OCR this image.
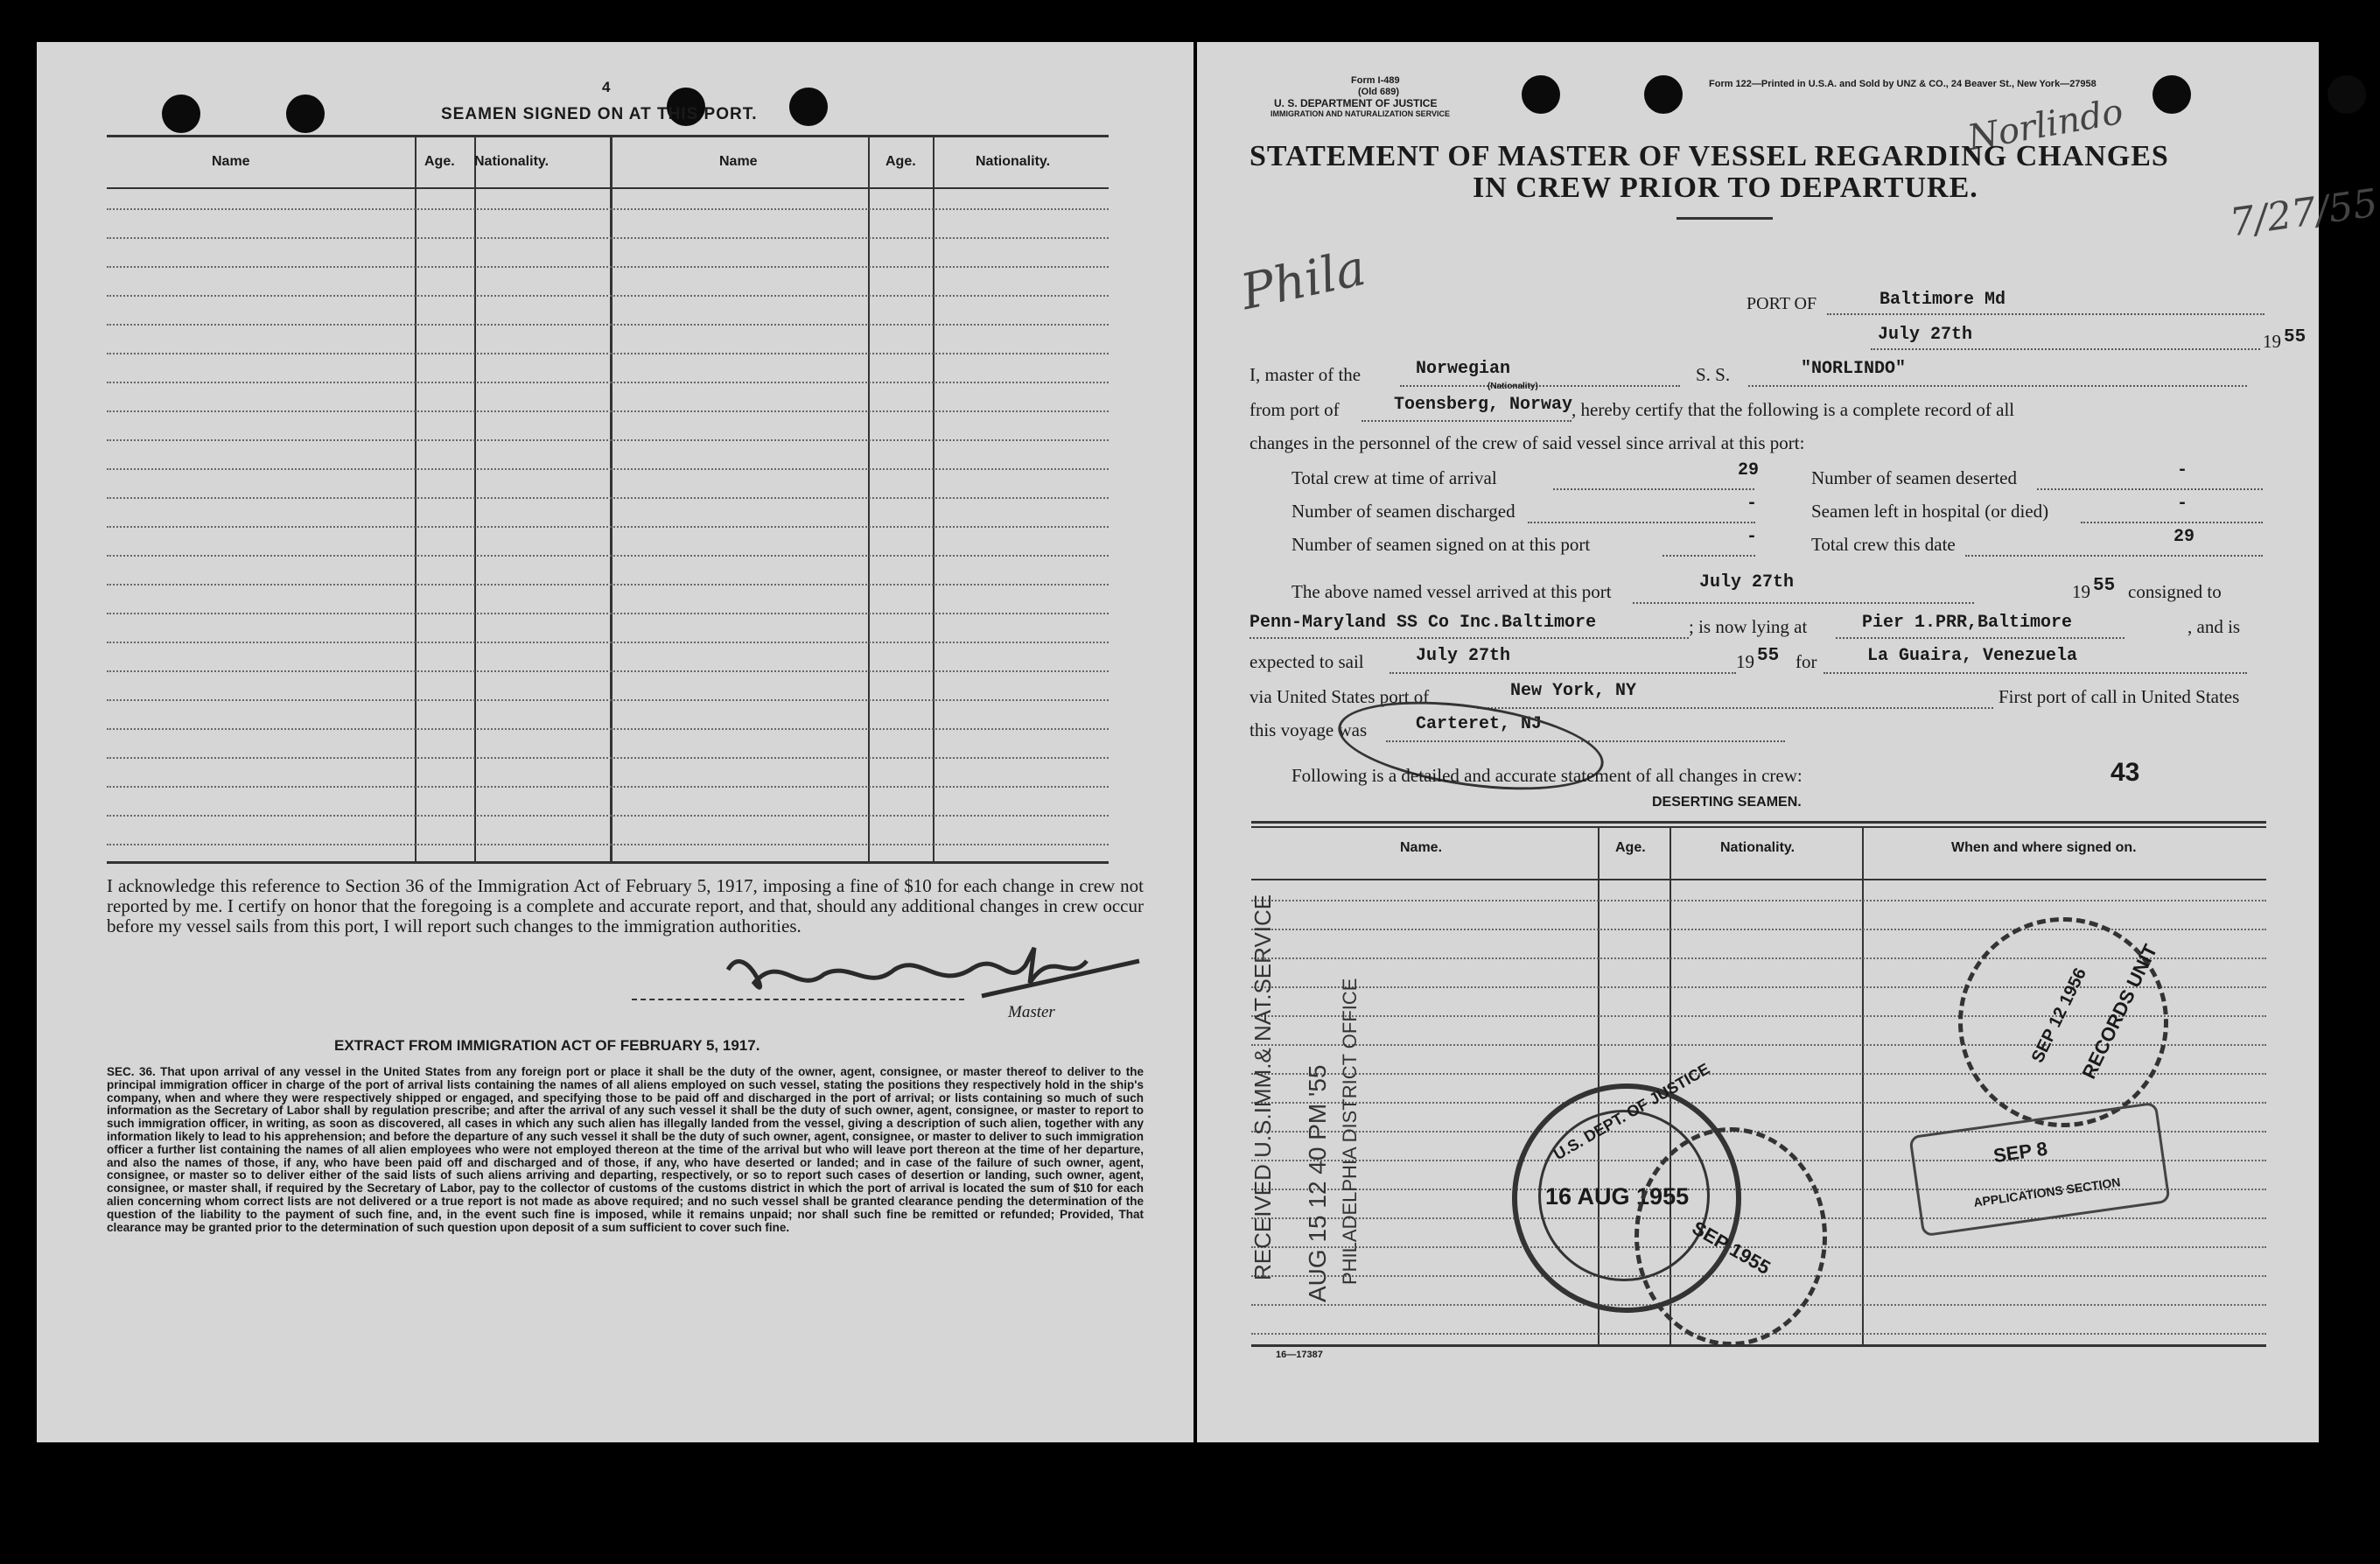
4
SEAMEN SIGNED ON AT THIS PORT.
Name	Age. Nationality.	Name	Age.	Nationality.
I acknowledge this reference to Section 36 of the Immigration Act of February 5, 1917, imposing a fine of $10 for each change in crew not reported by me. I certify on honor that the foregoing is a complete and accurate report, and that, should any additional changes in crew occur before my vessel sails from this port, I will report such changes to the immigration authorities.
Master
EXTRACT FROM IMMIGRATION ACT OF FEBRUARY 5, 1917.
SEC. 36. That upon arrival of any vessel in the United States from any foreign port or place it shall be the duty of the owner, agent, consignee, or master thereof to deliver to the principal immigration officer in charge of the port of arrival lists containing the names of all aliens employed on such vessel, stating the positions they respectively hold in the ship's company, when and where they were respectively shipped or engaged, and specifying those to be paid off and discharged in the port of arrival; or lists containing so much of such information as the Secretary of Labor shall by regulation prescribe; and after the arrival of any such vessel it shall be the duty of such owner, agent, consignee, or master to report to such immigration officer, in writing, as soon as discovered, all cases in which any such alien has illegally landed from the vessel, giving a description of such alien, together with any information likely to lead to his apprehension; and before the departure of any such vessel it shall be the duty of such owner, agent, consignee, or master to deliver to such immigration officer a further list containing the names of all alien employees who were not employed thereon at the time of the arrival but who will leave port thereon at the time of her departure, and also the names of those, if any, who have been paid off and discharged and of those, if any, who have deserted or landed; and in case of the failure of such owner, agent, consignee, or master so to deliver either of the said lists of such aliens arriving and departing, respectively, or so to report such cases of desertion or landing, such owner, agent, consignee, or master shall, if required by the Secretary of Labor, pay to the collector of customs of the customs district in which the port of arrival is located the sum of $10 for each alien concerning whom correct lists are not delivered or a true report is not made as above required; and no such vessel shall be granted clearance pending the determination of the question of the liability to the payment of such fine, and, in the event such fine is imposed, while it remains unpaid; nor shall such fine be remitted or refunded; Provided, That clearance may be granted prior to the determination of such question upon deposit of a sum sufficient to cover such fine.
Form I-489
(Old 689)
U. S. DEPARTMENT OF JUSTICE
IMMIGRATION AND NATURALIZATION SERVICE
Form 122—Printed in U.S.A. and Sold by UNZ & CO., 24 Beaver St., New York—27958
STATEMENT OF MASTER OF VESSEL REGARDING CHANGES
IN CREW PRIOR TO DEPARTURE.
Phila
Norlindo
7/27/55
PORT OF	Baltimore Md
July 27th	19 55
I, master of the	Norwegian
(Nationality)
S. S.	"NORLINDO"
from port of	Toensberg, Norway
, hereby certify that the following is a complete record of all
changes in the personnel of the crew of said vessel since arrival at this port:
Total crew at time of arrival	29
Number of seamen discharged	-
Number of seamen signed on at this port	-
Number of seamen deserted	-
Seamen left in hospital (or died)	-
Total crew this date	29
The above named vessel arrived at this port	July 27th	19 55 consigned to
Penn-Maryland SS Co Inc.Baltimore	; is now lying at	Pier 1.PRR,Baltimore	, and is
expected to sail	July 27th	19 55 for	La Guaira, Venezuela
via United States port of	New York, NY	First port of call in United States
this voyage was	Carteret, NJ
Following is a detailed and accurate statement of all changes in crew:	43
DESERTING SEAMEN.
Name.	Age.	Nationality.	When and where signed on.
16—17387
RECEIVED U.S.IMM.& NAT.SERVICE AUG 15 12 40 PM '55 PHILADELPHIA DISTRICT OFFICE	U.S. DEPT. OF JUSTICE
16 AUG 1955
SEP 1955
RECORDS UNIT
SEP 12 1956
SEP 8
APPLICATIONS SECTION
